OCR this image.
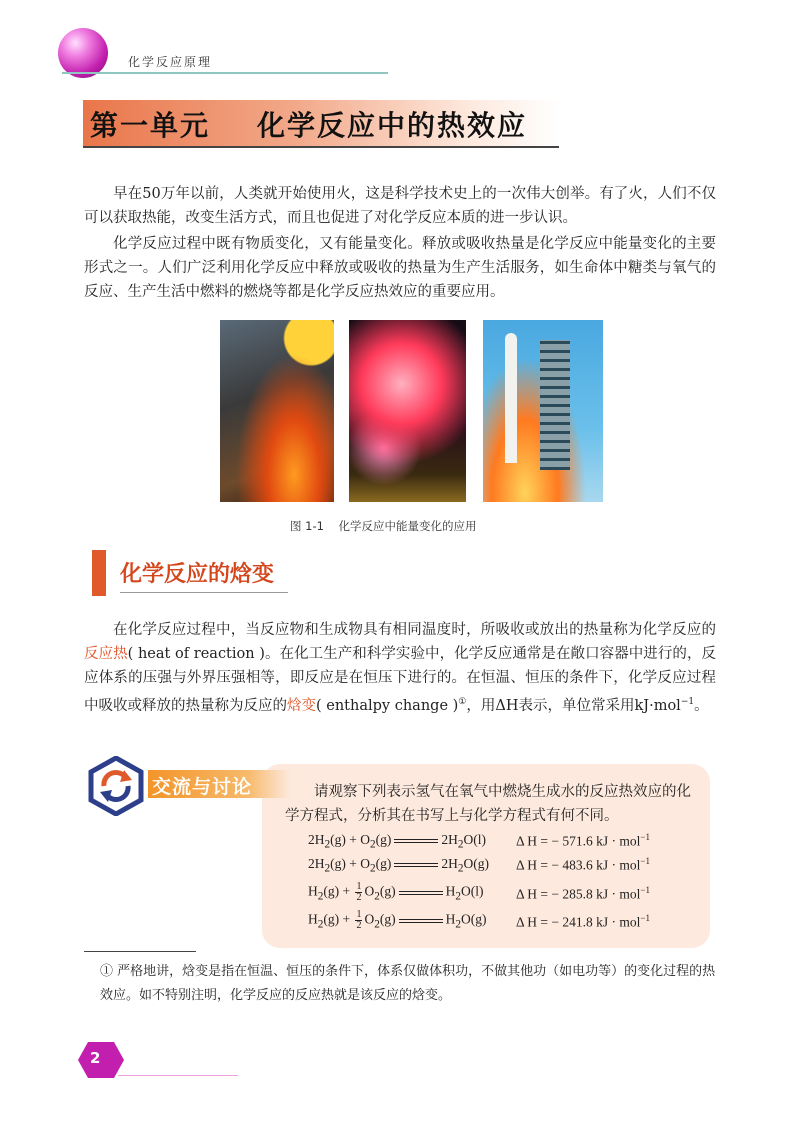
化学反应原理
第一单元    化学反应中的热效应
早在50万年以前，人类就开始使用火，这是科学技术史上的一次伟大创举。有了火，人们不仅可以获取热能，改变生活方式，而且也促进了对化学反应本质的进一步认识。
化学反应过程中既有物质变化，又有能量变化。释放或吸收热量是化学反应中能量变化的主要形式之一。人们广泛利用化学反应中释放或吸收的热量为生产生活服务，如生命体中糖类与氧气的反应、生产生活中燃料的燃烧等都是化学反应热效应的重要应用。
图 1-1    化学反应中能量变化的应用
化学反应的焓变
在化学反应过程中，当反应物和生成物具有相同温度时，所吸收或放出的热量称为化学反应的反应热( heat of reaction )。在化工生产和科学实验中，化学反应通常是在敞口容器中进行的，反应体系的压强与外界压强相等，即反应是在恒压下进行的。在恒温、恒压的条件下，化学反应过程中吸收或释放的热量称为反应的焓变( enthalpy change )①，用ΔH表示，单位常采用kJ·mol$^{-1}$。
交流与讨论	请观察下列表示氢气在氧气中燃烧生成水的反应热效应的化学方程式，分析其在书写上与化学方程式有何不同。
$2H_2(g) + O_2(g)$	$2H_2O(l)$ Δ H = − 571.6 kJ · mol$^{-1}$
$2H_2(g) + O_2(g)$	$2H_2O(g)$ Δ H = − 483.6 kJ · mol$^{-1}$
$H_2(g) + \frac{1}{2} O_2(g)$	$H_2O(l)$ Δ H = − 285.8 kJ · mol$^{-1}$
$H_2(g) + \frac{1}{2} O_2(g)$	$H_2O(g)$ Δ H = − 241.8 kJ · mol$^{-1}$
① 严格地讲，焓变是指在恒温、恒压的条件下，体系仅做体积功，不做其他功（如电功等）的变化过程的热效应。如不特别注明，化学反应的反应热就是该反应的焓变。
2
